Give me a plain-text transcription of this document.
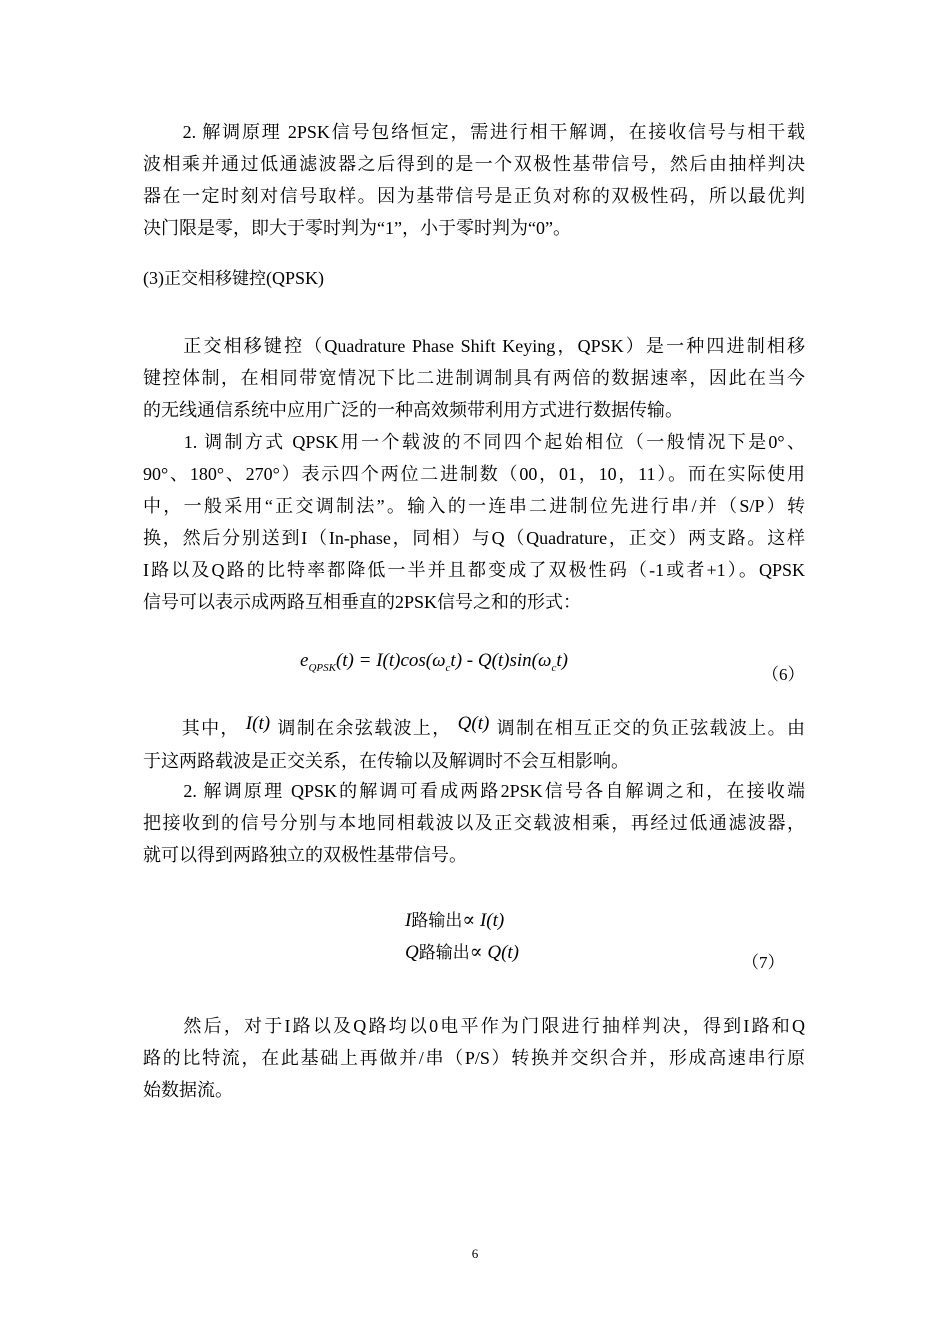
　　2. 解调原理 2PSK信号包络恒定，需进行相干解调，在接收信号与相干载
波相乘并通过低通滤波器之后得到的是一个双极性基带信号，然后由抽样判决
器在一定时刻对信号取样。因为基带信号是正负对称的双极性码，所以最优判
决门限是零，即大于零时判为“1”，小于零时判为“0”。
(3)正交相移键控(QPSK)
　　正交相移键控（Quadrature Phase Shift Keying，QPSK）是一种四进制相移
键控体制，在相同带宽情况下比二进制调制具有两倍的数据速率，因此在当今
的无线通信系统中应用广泛的一种高效频带利用方式进行数据传输。
　　1. 调制方式 QPSK用一个载波的不同四个起始相位（一般情况下是0°、
90°、180°、270°）表示四个两位二进制数（00，01，10，11）。而在实际使用
中，一般采用“正交调制法”。输入的一连串二进制位先进行串/并（S/P）转
换，然后分别送到I（In-phase，同相）与Q（Quadrature，正交）两支路。这样
I路以及Q路的比特率都降低一半并且都变成了双极性码（-1或者+1）。QPSK
信号可以表示成两路互相垂直的2PSK信号之和的形式：
$e_{QPSK}(t) = I(t)\cos(\omega_ct) - Q(t)\sin(\omega_ct)$
（6）
　　其中， I(t) 调制在余弦载波上， Q(t) 调制在相互正交的负正弦载波上。由
于这两路载波是正交关系，在传输以及解调时不会互相影响。
　　2. 解调原理 QPSK的解调可看成两路2PSK信号各自解调之和，在接收端
把接收到的信号分别与本地同相载波以及正交载波相乘，再经过低通滤波器，
就可以得到两路独立的双极性基带信号。
I路输出∝ I(t)
Q路输出∝ Q(t)	（7）
　　然后，对于I路以及Q路均以0电平作为门限进行抽样判决，得到I路和Q
路的比特流，在此基础上再做并/串（P/S）转换并交织合并，形成高速串行原
始数据流。
6
